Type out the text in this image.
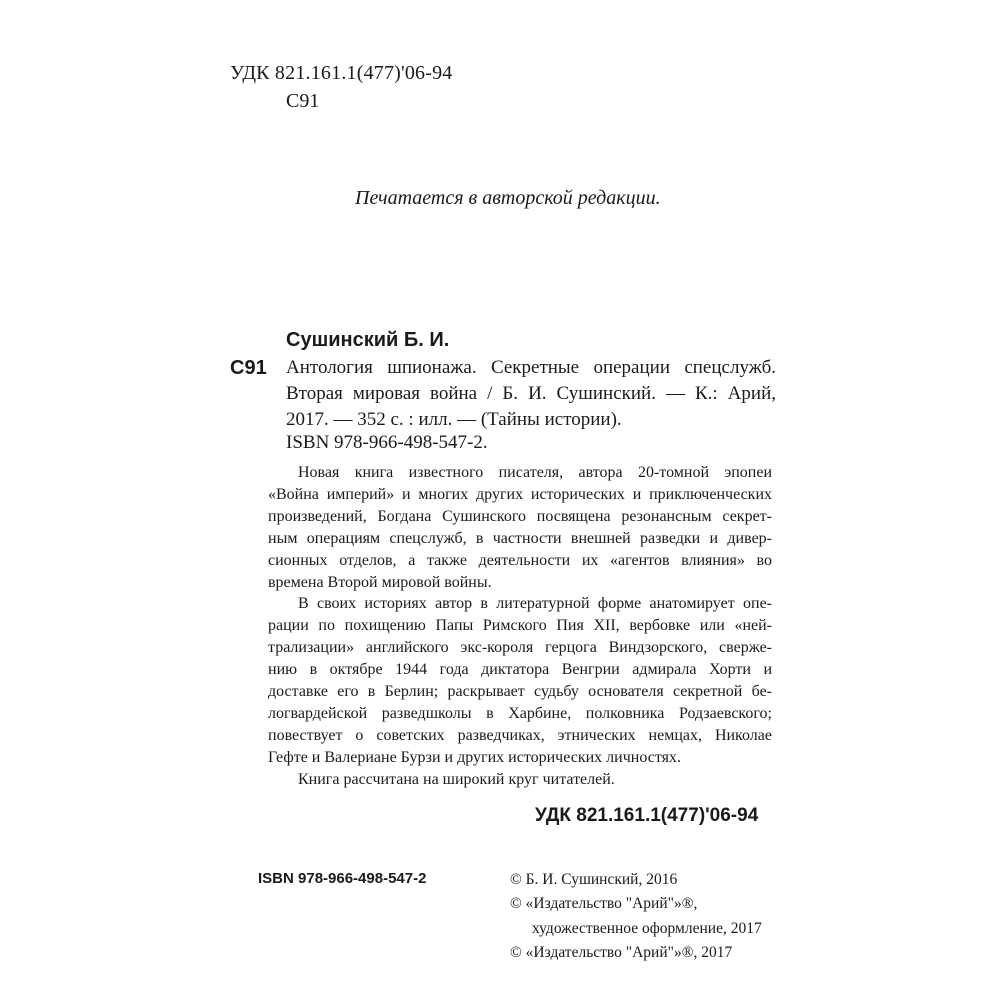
УДК 821.161.1(477)'06-94
С91
Печатается в авторской редакции.
Сушинский Б. И.
С91 Антология шпионажа. Секретные операции спецслужб.
Вторая мировая война / Б. И. Сушинский. — К.: Арий,
2017. — 352 с. : илл. — (Тайны истории).
ISBN 978-966-498-547-2.
Новая книга известного писателя, автора 20-томной эпопеи
«Война империй» и многих других исторических и приключенческих
произведений, Богдана Сушинского посвящена резонансным секрет-
ным операциям спецслужб, в частности внешней разведки и дивер-
сионных отделов, а также деятельности их «агентов влияния» во
времена Второй мировой войны.
В своих историях автор в литературной форме анатомирует опе-
рации по похищению Папы Римского Пия XII, вербовке или «ней-
трализации» английского экс-короля герцога Виндзорского, сверже-
нию в октябре 1944 года диктатора Венгрии адмирала Хорти и
доставке его в Берлин; раскрывает судьбу основателя секретной бе-
логвардейской разведшколы в Харбине, полковника Родзаевского;
повествует о советских разведчиках, этнических немцах, Николае
Гефте и Валериане Бурзи и других исторических личностях.
Книга рассчитана на широкий круг читателей.
УДК 821.161.1(477)'06-94
ISBN 978-966-498-547-2	© Б. И. Сушинский, 2016
© «Издательство "Арий"»®,
художественное оформление, 2017
© «Издательство "Арий"»®, 2017
